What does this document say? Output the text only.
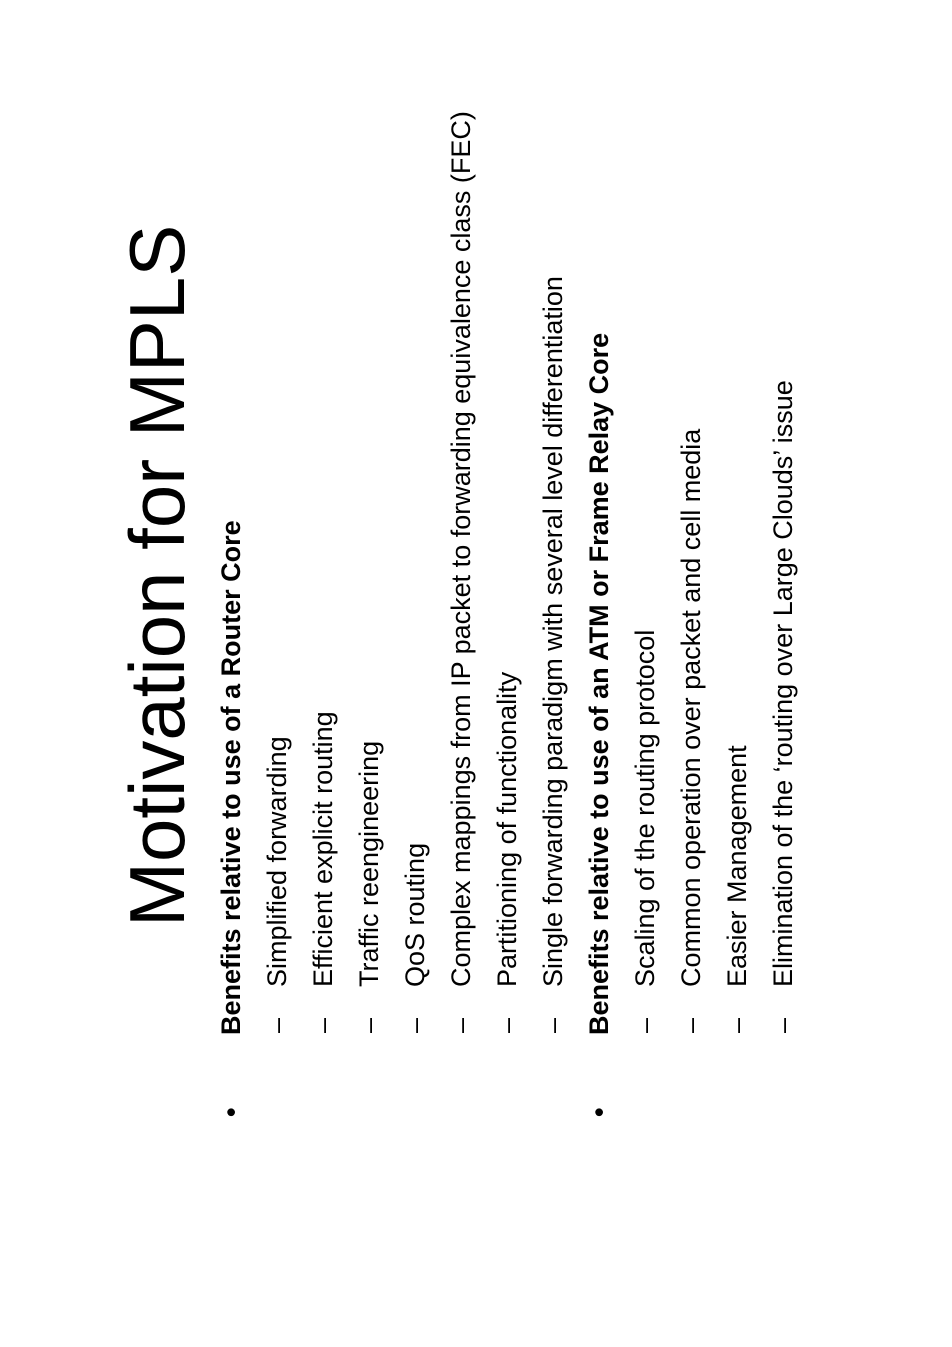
Motivation for MPLS
•
Benefits relative to use of a Router Core –
Simplified forwarding
–
Efficient explicit routing
–
Traffic reengineering
–
QoS routing
–
Complex mappings from IP packet to forwarding equivalence class (FEC)
–
Partitioning of functionality
–
Single forwarding paradigm with several level differentiation
•
Benefits relative to use of an ATM or Frame Relay Core –
Scaling of the routing protocol
–
Common operation over packet and cell media
–
Easier Management
–
Elimination of the ‘routing over Large Clouds’ issue
